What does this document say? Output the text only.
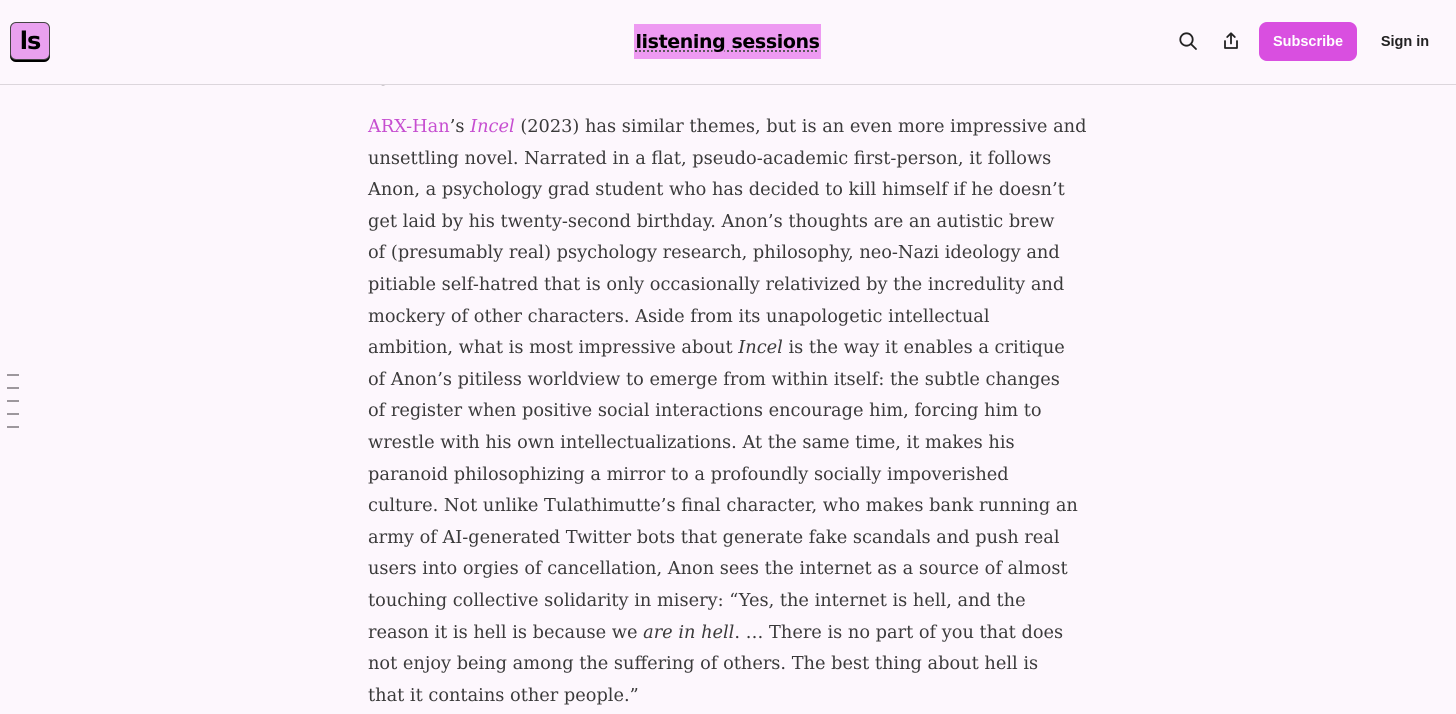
ls	listening sessions	Subscribe	Sign in

ARX-Han’s Incel (2023) has similar themes, but is an even more impressive and
unsettling novel. Narrated in a flat, pseudo-academic first-person, it follows
Anon, a psychology grad student who has decided to kill himself if he doesn’t
get laid by his twenty-second birthday. Anon’s thoughts are an autistic brew
of (presumably real) psychology research, philosophy, neo-Nazi ideology and
pitiable self-hatred that is only occasionally relativized by the incredulity and
mockery of other characters. Aside from its unapologetic intellectual
ambition, what is most impressive about Incel is the way it enables a critique
of Anon’s pitiless worldview to emerge from within itself: the subtle changes
of register when positive social interactions encourage him, forcing him to
wrestle with his own intellectualizations. At the same time, it makes his
paranoid philosophizing a mirror to a profoundly socially impoverished
culture. Not unlike Tulathimutte’s final character, who makes bank running an
army of AI-generated Twitter bots that generate fake scandals and push real
users into orgies of cancellation, Anon sees the internet as a source of almost
touching collective solidarity in misery: “Yes, the internet is hell, and the
reason it is hell is because we are in hell. … There is no part of you that does
not enjoy being among the suffering of others. The best thing about hell is
that it contains other people.”
